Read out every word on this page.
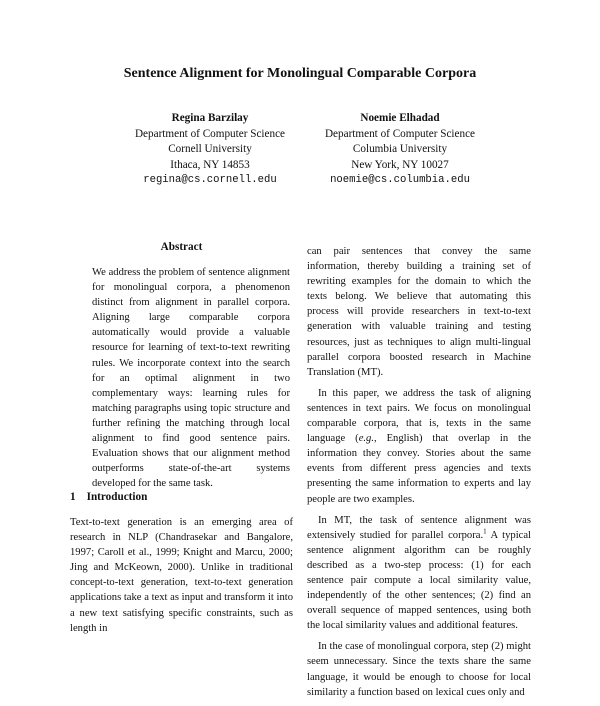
Sentence Alignment for Monolingual Comparable Corpora
Regina Barzilay
Department of Computer Science
Cornell University
Ithaca, NY 14853
regina@cs.cornell.edu
Noemie Elhadad
Department of Computer Science
Columbia University
New York, NY 10027
noemie@cs.columbia.edu
Abstract
We address the problem of sentence alignment for monolingual corpora, a phenomenon distinct from alignment in parallel corpora. Aligning large comparable corpora automatically would provide a valuable resource for learning of text-to-text rewriting rules. We incorporate context into the search for an optimal alignment in two complementary ways: learning rules for matching paragraphs using topic structure and further refining the matching through local alignment to find good sentence pairs. Evaluation shows that our alignment method outperforms state-of-the-art systems developed for the same task.
1 Introduction
Text-to-text generation is an emerging area of research in NLP (Chandrasekar and Bangalore, 1997; Caroll et al., 1999; Knight and Marcu, 2000; Jing and McKeown, 2000). Unlike in traditional concept-to-text generation, text-to-text generation applications take a text as input and transform it into a new text satisfying specific constraints, such as length in

can pair sentences that convey the same information, thereby building a training set of rewriting examples for the domain to which the texts belong. We believe that automating this process will provide researchers in text-to-text generation with valuable training and testing resources, just as techniques to align multi-lingual parallel corpora boosted research in Machine Translation (MT).

In this paper, we address the task of aligning sentences in text pairs. We focus on monolingual comparable corpora, that is, texts in the same language (e.g., English) that overlap in the information they convey. Stories about the same events from different press agencies and texts presenting the same information to experts and lay people are two examples.

In MT, the task of sentence alignment was extensively studied for parallel corpora.$^1$ A typical sentence alignment algorithm can be roughly described as a two-step process: (1) for each sentence pair compute a local similarity value, independently of the other sentences; (2) find an overall sequence of mapped sentences, using both the local similarity values and additional features.

In the case of monolingual corpora, step (2) might seem unnecessary. Since the texts share the same language, it would be enough to choose for local similarity a function based on lexical cues only and
